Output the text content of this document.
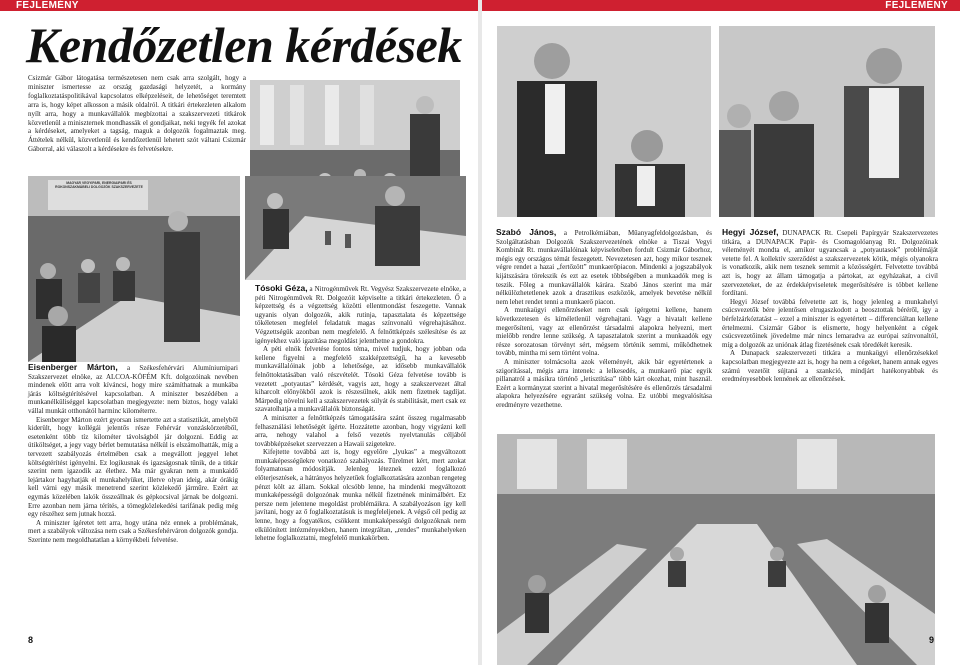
FEJLEMÉNY	FEJLEMÉNY
Kendőzetlen kérdések
Csizmár Gábor látogatása természetesen nem csak arra szolgált, hogy a miniszter ismertesse az ország gazdasági helyzetét, a kormány foglalkoztatáspolitikával kapcsolatos elképzeléseit, de lehetőséget teremtett arra is, hogy képet alkosson a másik oldalról. A titkári értekezleten alkalom nyílt arra, hogy a munkavállalók megbízottai a szakszervezeti titkárok közvetlenül a miniszternek mondhassák el gondjaikat, neki tegyék fel azokat a kérdéseket, amelyeket a tagság, maguk a dolgozók fogalmaztak meg. Áttételek nélkül, közvetlenül és kendőzetlenül lehetett szót váltani Csizmár Gáborral, aki válaszolt a kérdésekre és felvetésekre.
MAGYAR VEGYIPARI, ENERGIAIPARI ÉS ROKONSZAKMÁBELI DOLGOZÓK SZAKSZERVEZETE

Eisenberger Márton, a Székesfehérvári Alumíniumipari Szakszervezet elnöke, az ALCOA-KÖFÉM Kft. dolgozóinak nevében mindenek előtt arra volt kíváncsi, hogy mire számíthatnak a munkába járás költségtérítésével kapcsolatban. A miniszter beszédében a munkanélküliséggel kapcsolatban megjegyezte: nem biztos, hogy valaki vállal munkát otthonától harminc kilométerre.

Eisenberger Márton ezért gyorsan ismertette azt a statisztikát, amelyből kiderült, hogy kollégái jelentős része Fehérvár vonzáskörzetéből, esetenként több tíz kilométer távolságból jár dolgozni. Eddig az útiköltséget, a jegy vagy bérlet bemutatása nélkül is elszámolhatták, míg a tervezett szabályozás értelmében csak a megvállott jeggyel lehet költségtérítést igényelni. Ez logikusnak és igazságosnak tűnik, de a titkár szerint nem igazodik az élethez. Ma már gyakran nem a munkaidő lejártakor hagyhatják el munkahelyüket, illetve olyan ideig, akár órákig kell várni egy másik menetrend szerint közlekedő járműre. Ezért az egymás közelében lakók összeállnak és gépkocsival járnak be dolgozni. Erre azonban nem járna térítés, a tömegközlekedési tarifának pedig még egy részéhez sem jutnak hozzá.

A miniszter ígéretet tett arra, hogy utána néz ennek a problémának, mert a szabályok változása nem csak a Székesfehérváron dolgozók gondja. Szerinte nem megoldhatatlan a környékbeli felvetése.

Tósoki Géza, a Nitrogénművek Rt. Vegyész Szakszervezete elnöke, a péti Nitrogénművek Rt. Dolgozóit képviselte a titkári értekezleten. Ő a képzettség és a végzettség közötti ellentmondást feszegette. Vannak ugyanis olyan dolgozók, akik rutinja, tapasztalata és képzettsége tökéletesen megfelel feladatuk magas színvonalú végrehajtásához. Végzettségük azonban nem megfelelő. A felnőttképzés szélesítése és az igényekhez való igazítása megoldást jelenthetne a gondokra.

A péti elnök felvetése fontos téma, mivel tudjuk, hogy jobban oda kellene figyelni a megfelelő szakképzettségű, ha a kevesebb munkavállalóinak jobb a lehetősége, az idősebb munkavállalók felnőttoktatásában való részvételét. Tósoki Géza felvetése tovább is vezetett „potyautas” kérdését, vagyis azt, hogy a szakszervezet által kiharcolt előnyökből azok is részesülnek, akik nem fizetnek tagdíjat. Márpedig növelni kell a szakszervezetek súlyát és stabilitását, mert csak ez szavatolhatja a munkavállalók biztonságát.

A miniszter a felnőttképzés támogatására szánt összeg rugalmasabb felhasználási lehetőségét ígérte. Hozzátette azonban, hogy vigyázni kell arra, nehogy valahol a felső vezetés nyelvtanulás céljából továbbképzéseket szervezzen a Hawaii szigetekre.

Kifejtette továbbá azt is, hogy egyelőre „lyukas” a megváltozott munkaképességűekre vonatkozó szabályozás. Türelmet kért, mert azokat folyamatosan módosítják. Jelenleg léteznek ezzel foglalkozó előterjesztések, a hátrányos helyzetűek foglalkoztatására azonban rengeteg pénzt költ az állam. Sokkal olcsóbb lenne, ha mindenki megváltozott munkaképességű dolgozónak munka nélkül fizetnének minimálbért. Ez persze nem jelentene megoldást problémáikra. A szabályozáson így kell javítani, hogy az ő foglalkoztatásuk is megfeleljenek. A végső cél pedig az lenne, hogy a fogyatékos, csökkent munkaképességű dolgozóknak nem elkülönített intézményekben, hanem integráltan, „rendes” munkahelyeken lehetne foglalkoztatni, megfelelő munkakörben.

Szabó János, a Petrolkémiában, Műanyagfeldolgozásban, és Szolgáltatásban Dolgozók Szakszervezetének elnöke a Tiszai Vegyi Kombinát Rt. munkavállalóinak képviseletében fordult Csizmár Gáborhoz, mégis egy országos témát feszegetett. Nevezetesen azt, hogy mikor tesznek végre rendet a hazai „fertőzött” munkaerőpiacon. Mindenki a jogszabályok kijátszására törekszik és ezt az esetek többségében a munkaadók meg is teszik. Főleg a munkavállalók kárára. Szabó János szerint ma már nélkülözhetetlenek azok a drasztikus eszközök, amelyek bevetése nélkül nem lehet rendet tenni a munkaerő piacon.

A munkaügyi ellenőrzéseket nem csak ígérgetni kellene, hanem következetesen és kíméletlenül végrehajtani. Vagy a hivatalt kellene megerősíteni, vagy az ellenőrzést társadalmi alapokra helyezni, mert mielőbb rendre lenne szükség. A tapasztalatok szerint a munkaadók egy része sorozatosan törvényt sért, mégsem történik semmi, működhetnek tovább, mintha mi sem történt volna.

A miniszter tolmácsolta azok véleményét, akik bár egyetértenek a szigorítással, mégis arra intenek: a lelkesedés, a munkaerő piac egyik pillanatról a másikra történő „letisztítása” több kárt okozhat, mint használ. Ezért a kormányzat szerint a hivatal megerősítésére és ellenőrzés társadalmi alapokra helyezésére egyaránt szükség volna. Ez utóbbi megvalósítása eredményre vezethetne.

Hegyi József, DUNAPACK Rt. Csepeli Papírgyár Szakszervezetes titkára, a DUNAPACK Papír- és Csomagolóanyag Rt. Dolgozóinak véleményét mondta el, amikor ugyancsak a „potyautasok” problémáját vetette fel. A kollektív szerződést a szakszervezetek kötik, mégis olyanokra is vonatkozik, akik nem tesznek semmit a közösségért. Felvetette továbbá azt is, hogy az állam támogatja a pártokat, az egyházakat, a civil szervezeteket, de az érdekképviseletek megerősítésére is többet kellene fordítani.

Hegyi József továbbá felvetette azt is, hogy jelenleg a munkahelyi csúcsvezetők bére jelentősen elrugaszkodott a beosztottak béréről, így a bérfelzárkóztatást – ezzel a miniszter is egyetértett – differenciáltan kellene értelmezni. Csizmár Gábor is elismerte, hogy helyenként a cégek csúcsvezetőinek jövedelme már nincs lemaradva az európai színvonaltól, míg a dolgozók az uniónak átlag fizetésének csak töredékét keresik.

A Dunapack szakszervezeti titkára a munkaügyi ellenőrzésekkel kapcsolatban megjegyezte azt is, hogy ha nem a cégeket, hanem annak egyes számú vezetőit sújtaná a szankció, mindjárt hatékonyabbak és eredményesebbek lennének az ellenőrzések.

8	9
